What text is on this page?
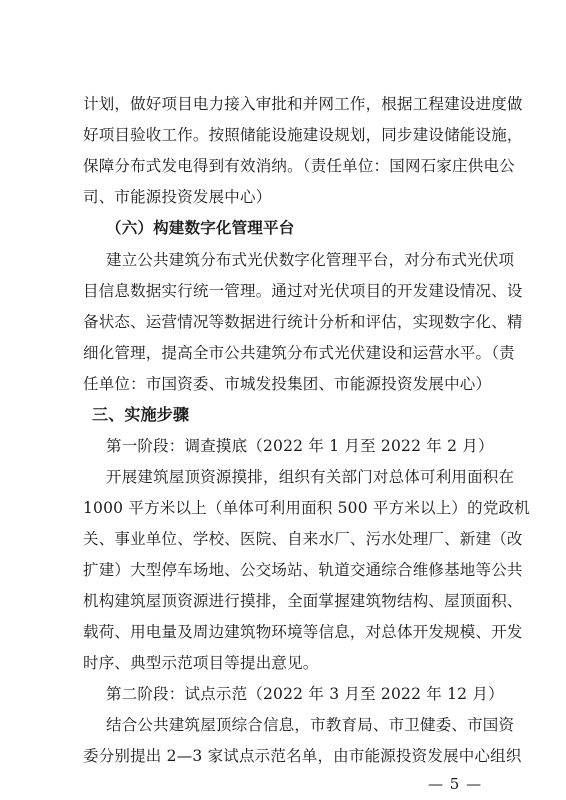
计划，做好项目电力接入审批和并网工作，根据工程建设进度做
好项目验收工作。按照储能设施建设规划，同步建设储能设施，
保障分布式发电得到有效消纳。（责任单位：国网石家庄供电公
司、市能源投资发展中心）
（六）构建数字化管理平台
建立公共建筑分布式光伏数字化管理平台，对分布式光伏项
目信息数据实行统一管理。通过对光伏项目的开发建设情况、设
备状态、运营情况等数据进行统计分析和评估，实现数字化、精
细化管理，提高全市公共建筑分布式光伏建设和运营水平。（责
任单位：市国资委、市城发投集团、市能源投资发展中心）
三、实施步骤
第一阶段：调查摸底（2022 年 1 月至 2022 年 2 月）
开展建筑屋顶资源摸排，组织有关部门对总体可利用面积在
1000 平方米以上（单体可利用面积 500 平方米以上）的党政机
关、事业单位、学校、医院、自来水厂、污水处理厂、新建（改
扩建）大型停车场地、公交场站、轨道交通综合维修基地等公共
机构建筑屋顶资源进行摸排，全面掌握建筑物结构、屋顶面积、
载荷、用电量及周边建筑物环境等信息，对总体开发规模、开发
时序、典型示范项目等提出意见。
第二阶段：试点示范（2022 年 3 月至 2022 年 12 月）
结合公共建筑屋顶综合信息，市教育局、市卫健委、市国资
委分别提出 2—3 家试点示范名单，由市能源投资发展中心组织
— 5 —
